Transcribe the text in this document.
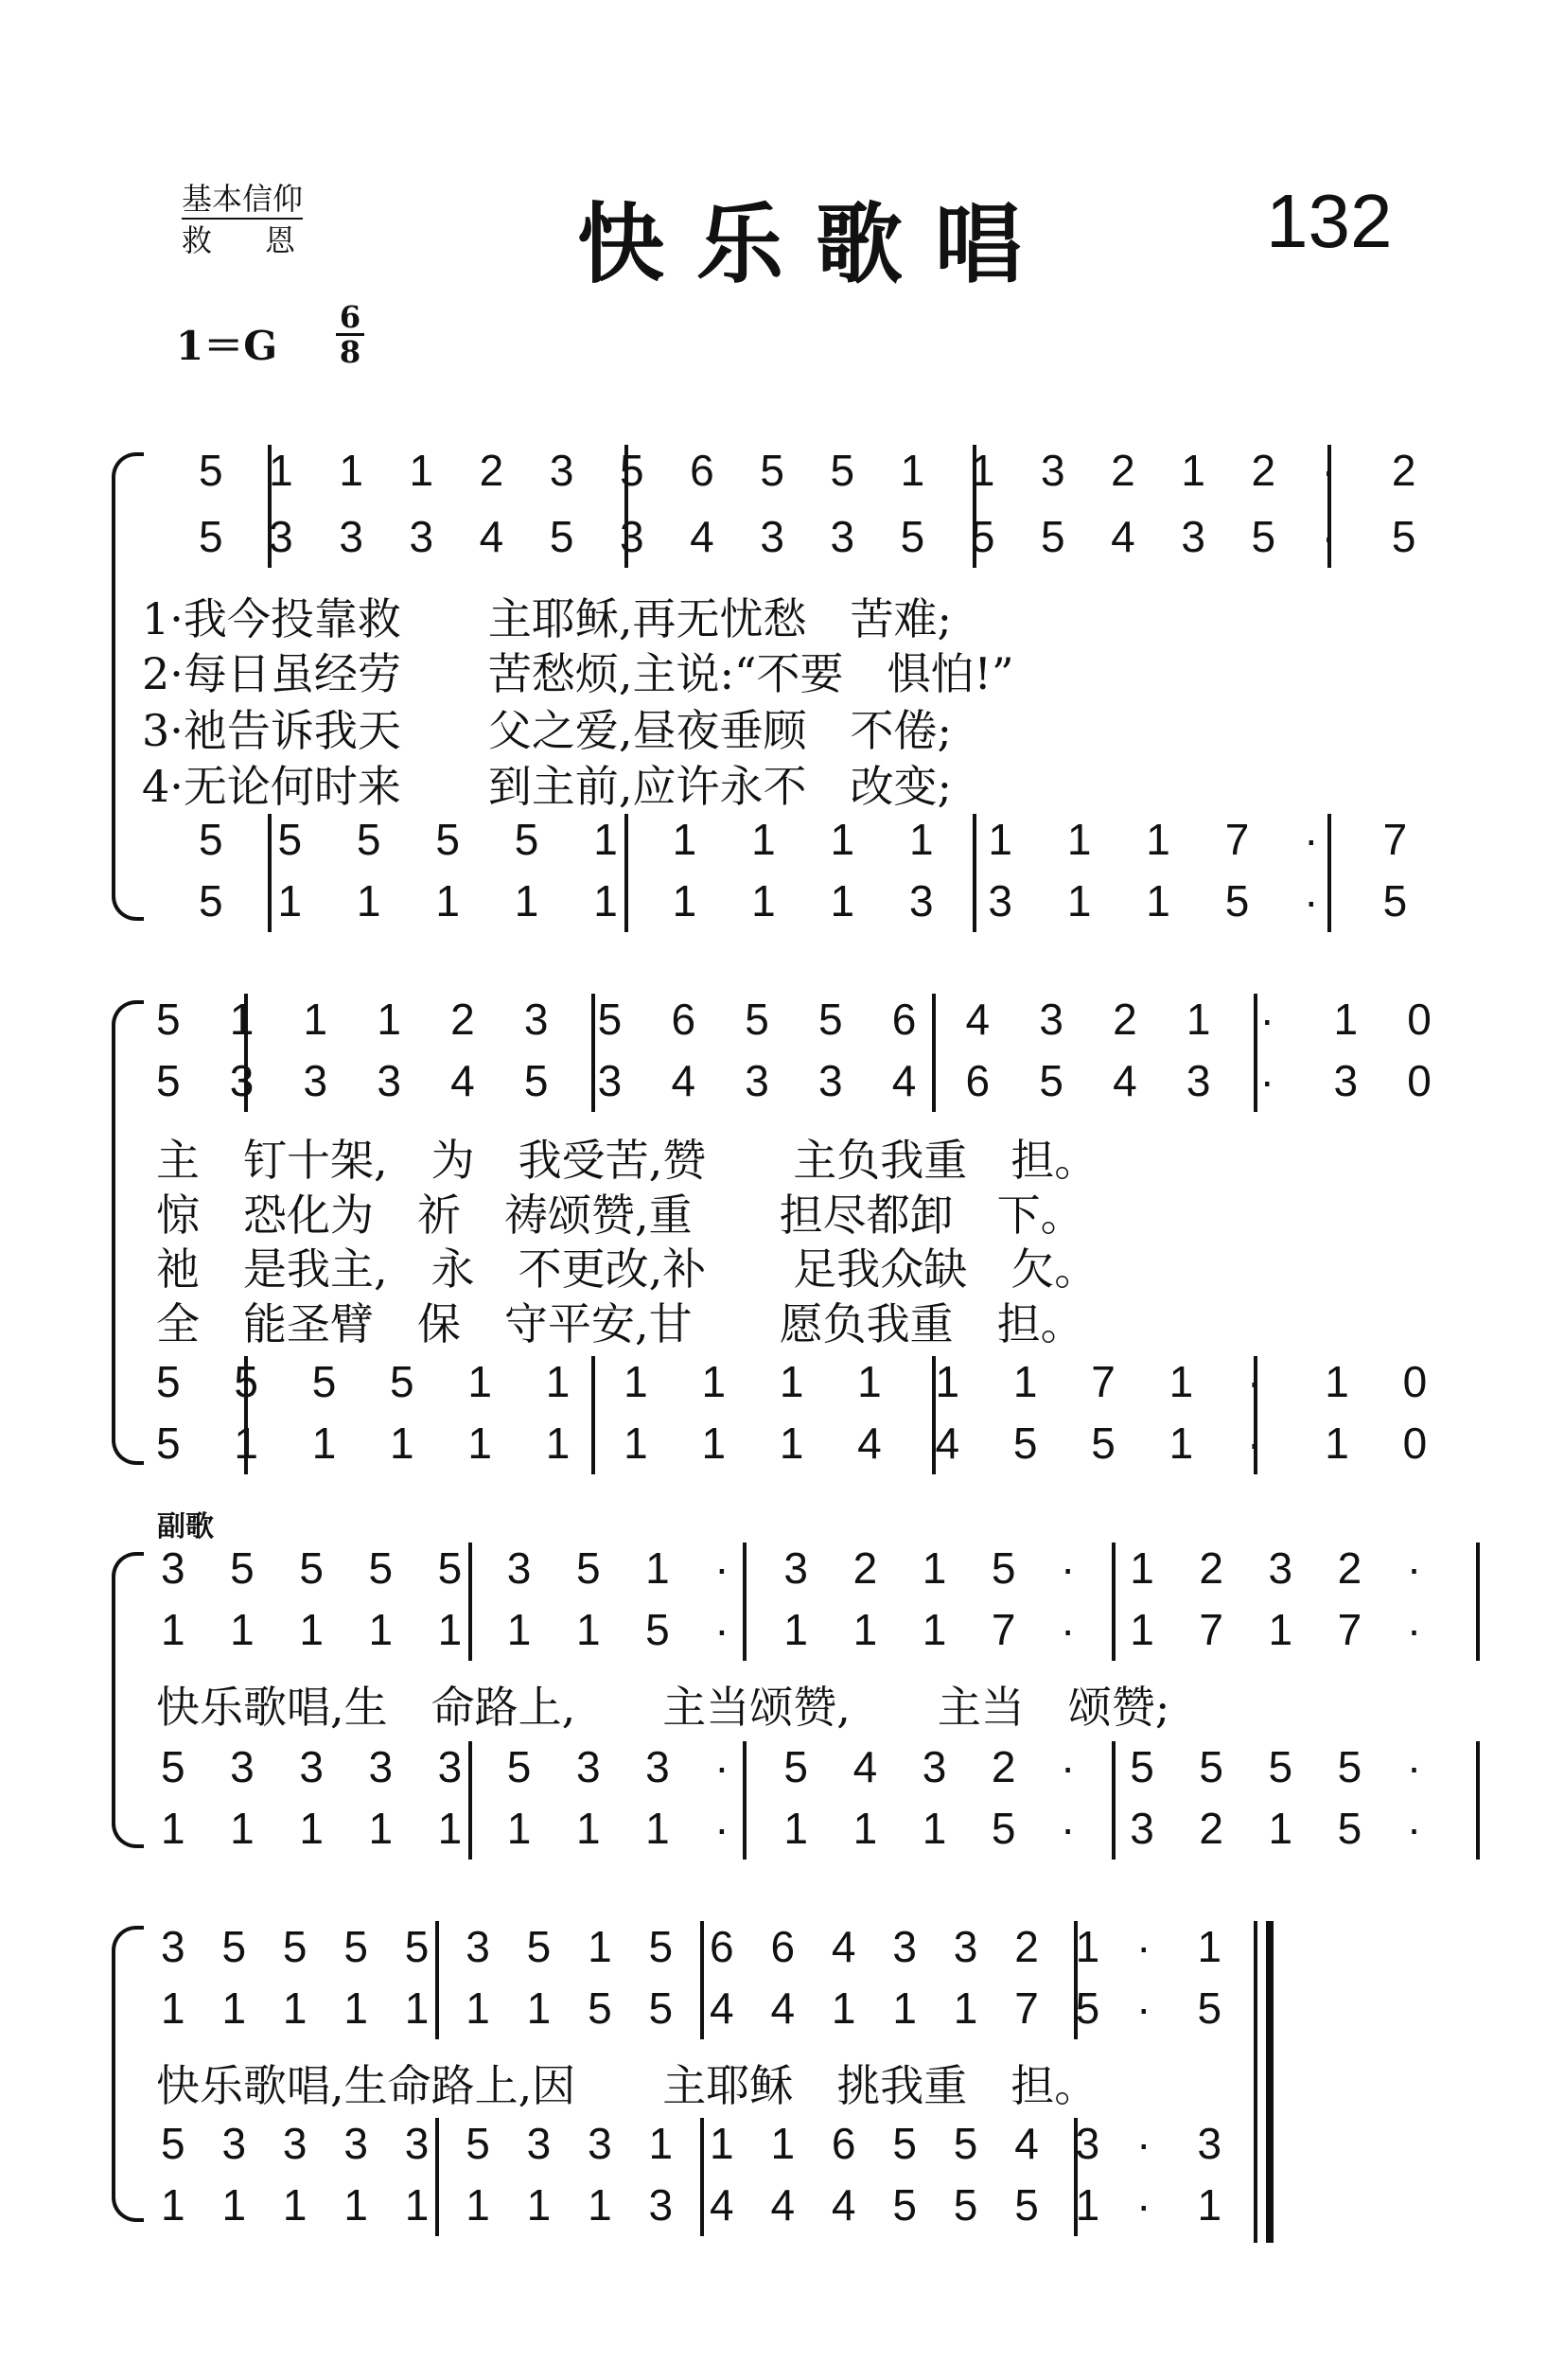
基本信仰
救恩	快乐歌唱	132
1＝G
6
8
副歌
5 1 1 1 2 3 5 6 5 5 1 1 3 2 1 2 · 2
5 3 3 3 4 5 3 4 3 3 5 5 5 4 3 5 · 5
5 5 5 5 5 1 1 1 1 1 1 1 1 7 · 7
5 1 1 1 1 1 1 1 1 3 3 1 1 5 · 5
1·我今投靠救　　主耶稣,再无忧愁　苦难;
2·每日虽经劳　　苦愁烦,主说:“不要　惧怕!”
3·祂告诉我天　　父之爱,昼夜垂顾　不倦;
4·无论何时来　　到主前,应许永不　改变;
5 1 1 1 2 3 5 6 5 5 6 4 3 2 1 · 1 0
5 3 3 3 4 5 3 4 3 3 4 6 5 4 3 · 3 0
5 5 5 5 1 1 1 1 1 1 1 1 7 1 · 1 0
5 1 1 1 1 1 1 1 1 4 4 5 5 1 · 1 0
主　钉十架,　为　我受苦,赞　　主负我重　担。
惊　恐化为　祈　祷颂赞,重　　担尽都卸　下。
祂　是我主,　永　不更改,补　　足我众缺　欠。
全　能圣臂　保　守平安,甘　　愿负我重　担。
3 5 5 5 5 3 5 1 · 3 2 1 5 · 1 2 3 2 ·
1 1 1 1 1 1 1 5 · 1 1 1 7 · 1 7 1 7 ·
5 3 3 3 3 5 3 3 · 5 4 3 2 · 5 5 5 5 ·
1 1 1 1 1 1 1 1 · 1 1 1 5 · 3 2 1 5 ·
快乐歌唱,生　命路上,　　主当颂赞,　　主当　颂赞;
3 5 5 5 5 3 5 1 5 6 6 4 3 3 2 1 · 1
1 1 1 1 1 1 1 5 5 4 4 1 1 1 7 5 · 5
5 3 3 3 3 5 3 3 1 1 1 6 5 5 4 3 · 3
1 1 1 1 1 1 1 1 3 4 4 4 5 5 5 1 · 1
快乐歌唱,生命路上,因　　主耶稣　挑我重　担。
